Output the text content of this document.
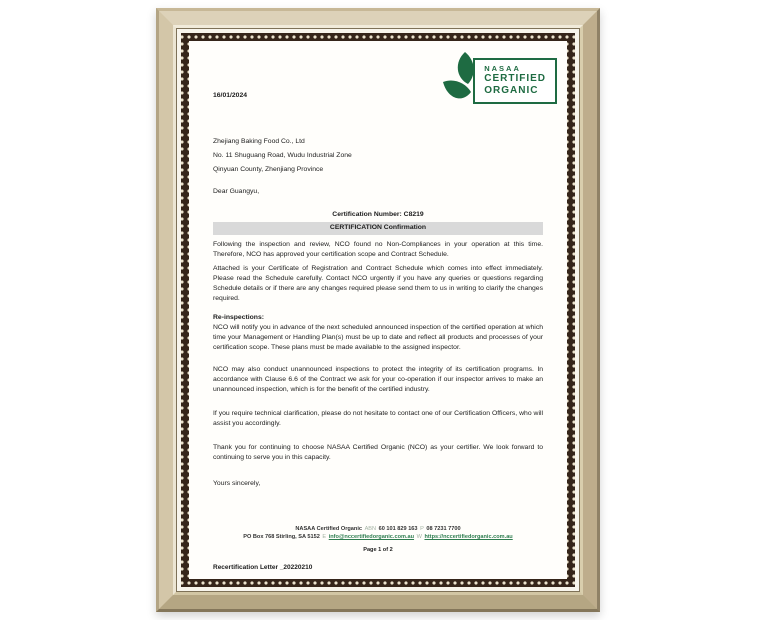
NASAA
CERTIFIED
ORGANIC
16/01/2024
Zhejiang Baking Food Co., Ltd
No. 11 Shuguang Road, Wudu Industrial Zone
Qinyuan County, Zhenjiang Province
Dear Guangyu,
Certification Number: C8219
CERTIFICATION Confirmation
Following the inspection and review, NCO found no Non-Compliances in your operation at this time. Therefore, NCO has approved your certification scope and Contract Schedule.
Attached is your Certificate of Registration and Contract Schedule which comes into effect immediately. Please read the Schedule carefully. Contact NCO urgently if you have any queries or questions regarding Schedule details or if there are any changes required please send them to us in writing to clarify the changes required.
Re-inspections:
NCO will notify you in advance of the next scheduled announced inspection of the certified operation at which time your Management or Handling Plan(s) must be up to date and reflect all products and processes of your certification scope. These plans must be made available to the assigned inspector.
NCO may also conduct unannounced inspections to protect the integrity of its certification programs. In accordance with Clause 6.6 of the Contract we ask for your co-operation if our inspector arrives to make an unannounced inspection, which is for the benefit of the certified industry.
If you require technical clarification, please do not hesitate to contact one of our Certification Officers, who will assist you accordingly.
Thank you for continuing to choose NASAA Certified Organic (NCO) as your certifier. We look forward to continuing to serve you in this capacity.
Yours sincerely,
NASAA Certified Organic ABN 60 101 829 163 P 08 7231 7700
PO Box 768 Stirling, SA 5152 E info@nccertifiedorganic.com.au W https://nccertifiedorganic.com.au
Page 1 of 2
Recertification Letter _20220210
